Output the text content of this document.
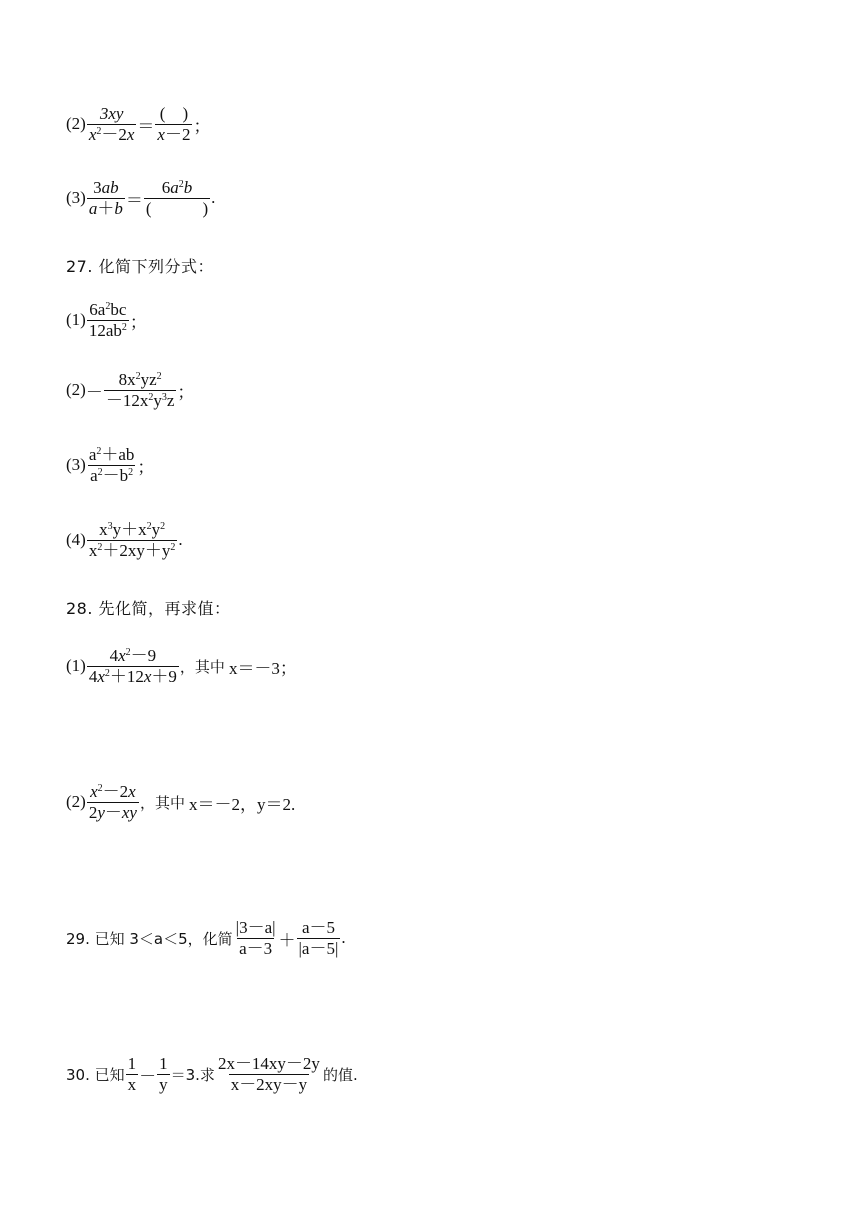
$(2) \frac{3xy}{x^2-2x} = \frac{( )}{x-2}$ ；
$(3) \frac{3ab}{a+b} = \frac{6a^2b}{( )}$ .
27. 化简下列分式：
$(1) \frac{6a^2bc}{12ab^2}$ ；
$(2) - \frac{8x^2yz^2}{-12x^2y^3z}$ ；
$(3) \frac{a^2+ab}{a^2-b^2}$ ；
$(4) \frac{x^3y+x^2y^2}{x^2+2xy+y^2}$ .
28. 先化简，再求值：
$(1) \frac{4x^2-9}{4x^2+12x+9}$ ，其中 x＝－3；
$(2) \frac{x^2-2x}{2y-xy}$ ，其中 x＝－2，y＝2.
29. 已知 3＜a＜5，化简 $\frac{|3-a|}{a-3} + \frac{a-5}{|a-5|}$ .
30. 已知 $\frac{1}{x} - \frac{1}{y} =3$.求 $\frac{2x-14xy-2y}{x-2xy-y}$ 的值.
